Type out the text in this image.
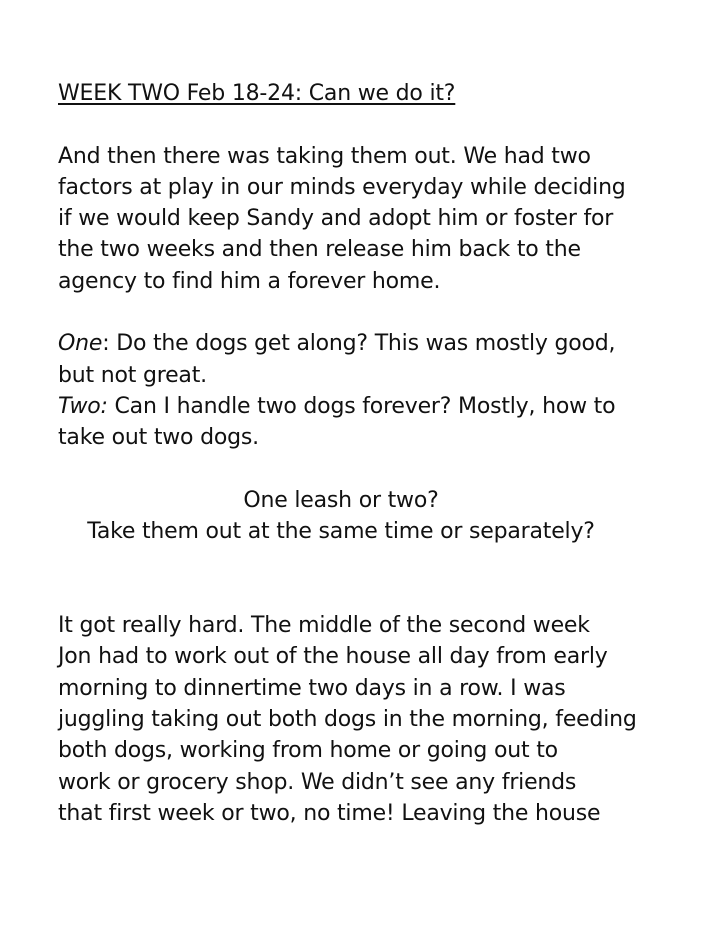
WEEK TWO Feb 18-24: Can we do it?
And then there was taking them out. We had two
factors at play in our minds everyday while deciding
if we would keep Sandy and adopt him or foster for
the two weeks and then release him back to the
agency to find him a forever home.
One: Do the dogs get along? This was mostly good,
but not great.
Two: Can I handle two dogs forever? Mostly, how to
take out two dogs.
One leash or two?
Take them out at the same time or separately?
It got really hard. The middle of the second week
Jon had to work out of the house all day from early
morning to dinnertime two days in a row. I was
juggling taking out both dogs in the morning, feeding
both dogs, working from home or going out to
work or grocery shop. We didn’t see any friends
that first week or two, no time! Leaving the house
